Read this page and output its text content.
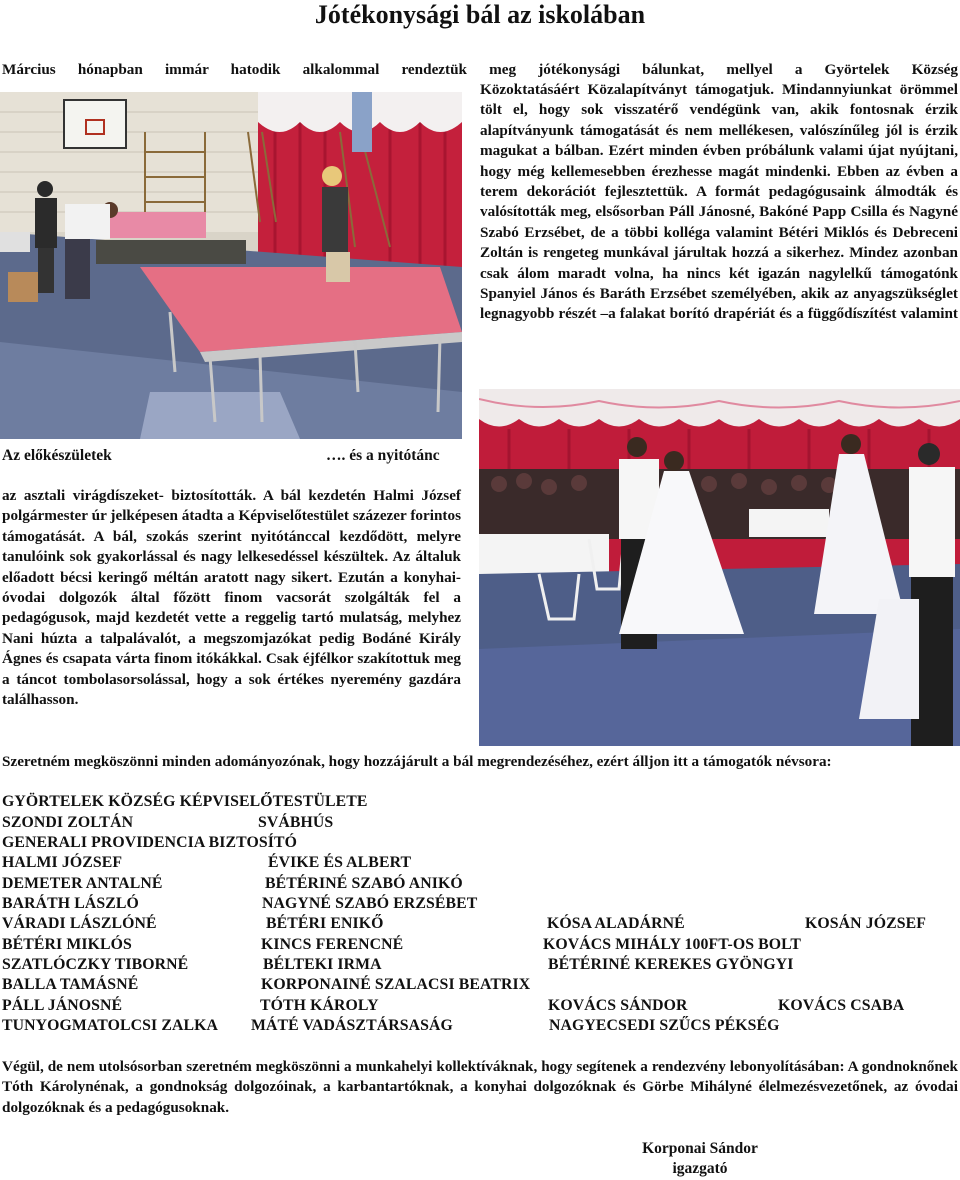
Jótékonysági bál az iskolában

Március hónapban immár hatodik alkalommal rendeztük meg jótékonysági bálunkat, mellyel a Györtelek Község

Közoktatásáért Közalapítványt támogatjuk. Mindannyiunkat örömmel tölt el, hogy sok visszatérő vendégünk van, akik fontosnak érzik alapítványunk támogatását és nem mellékesen, valószínűleg jól is érzik magukat a bálban. Ezért minden évben próbálunk valami újat nyújtani, hogy még kellemesebben érezhesse magát mindenki. Ebben az évben a terem dekorációt fejlesztettük. A formát pedagógusaink álmodták és valósították meg, elsősorban Páll Jánosné, Bakóné Papp Csilla és Nagyné Szabó Erzsébet, de a többi kolléga valamint Bétéri Miklós és Debreceni Zoltán is rengeteg munkával járultak hozzá a sikerhez. Mindez azonban csak álom maradt volna, ha nincs két igazán nagylelkű támogatónk Spanyiel János és Baráth Erzsébet személyében, akik az anyagszükséglet legnagyobb részét –a falakat borító drapériát és a függődíszítést valamint

Az előkészületek	…. és a nyitótánc

az asztali virágdíszeket- biztosították. A bál kezdetén Halmi József polgármester úr jelképesen átadta a Képviselőtestület százezer forintos támogatását. A bál, szokás szerint nyitótánccal kezdődött, melyre tanulóink sok gyakorlással és nagy lelkesedéssel készültek. Az általuk előadott bécsi keringő méltán aratott nagy sikert. Ezután a konyhai-óvodai dolgozók által főzött finom vacsorát szolgálták fel a pedagógusok, majd kezdetét vette a reggelig tartó mulatság, melyhez Nani húzta a talpalávalót, a megszomjazókat pedig Bodáné Király Ágnes és csapata várta finom itókákkal. Csak éjfélkor szakítottuk meg a táncot tombolasorsolással, hogy a sok értékes nyeremény gazdára találhasson.

Szeretném megköszönni minden adományozónak, hogy hozzájárult a bál megrendezéséhez, ezért álljon itt a támogatók névsora:

GYÖRTELEK KÖZSÉG KÉPVISELŐTESTÜLETE
SZONDI ZOLTÁN	SVÁBHÚS
GENERALI PROVIDENCIA BIZTOSÍTÓ
HALMI JÓZSEF	ÉVIKE ÉS ALBERT
DEMETER ANTALNÉ	BÉTÉRINÉ SZABÓ ANIKÓ
BARÁTH LÁSZLÓ	NAGYNÉ SZABÓ ERZSÉBET
VÁRADI LÁSZLÓNÉ	BÉTÉRI ENIKŐ	KÓSA ALADÁRNÉ	KOSÁN JÓZSEF
BÉTÉRI MIKLÓS	KINCS FERENCNÉ	KOVÁCS MIHÁLY 100FT-OS BOLT
SZATLÓCZKY TIBORNÉ	BÉLTEKI IRMA	BÉTÉRINÉ KEREKES GYÖNGYI
BALLA TAMÁSNÉ	KORPONAINÉ SZALACSI BEATRIX
PÁLL JÁNOSNÉ	TÓTH KÁROLY	KOVÁCS SÁNDOR	KOVÁCS CSABA
TUNYOGMATOLCSI ZALKA MÁTÉ VADÁSZTÁRSASÁG	NAGYECSEDI SZŰCS PÉKSÉG

Végül, de nem utolsósorban szeretném megköszönni a munkahelyi kollektíváknak, hogy segítenek a rendezvény lebonyolításában: A gondnoknőnek Tóth Károlynénak, a gondnokság dolgozóinak, a karbantartóknak, a konyhai dolgozóknak és Görbe Mihályné élelmezésvezetőnek, az óvodai dolgozóknak és a pedagógusoknak.

Korponai Sándor
igazgató
